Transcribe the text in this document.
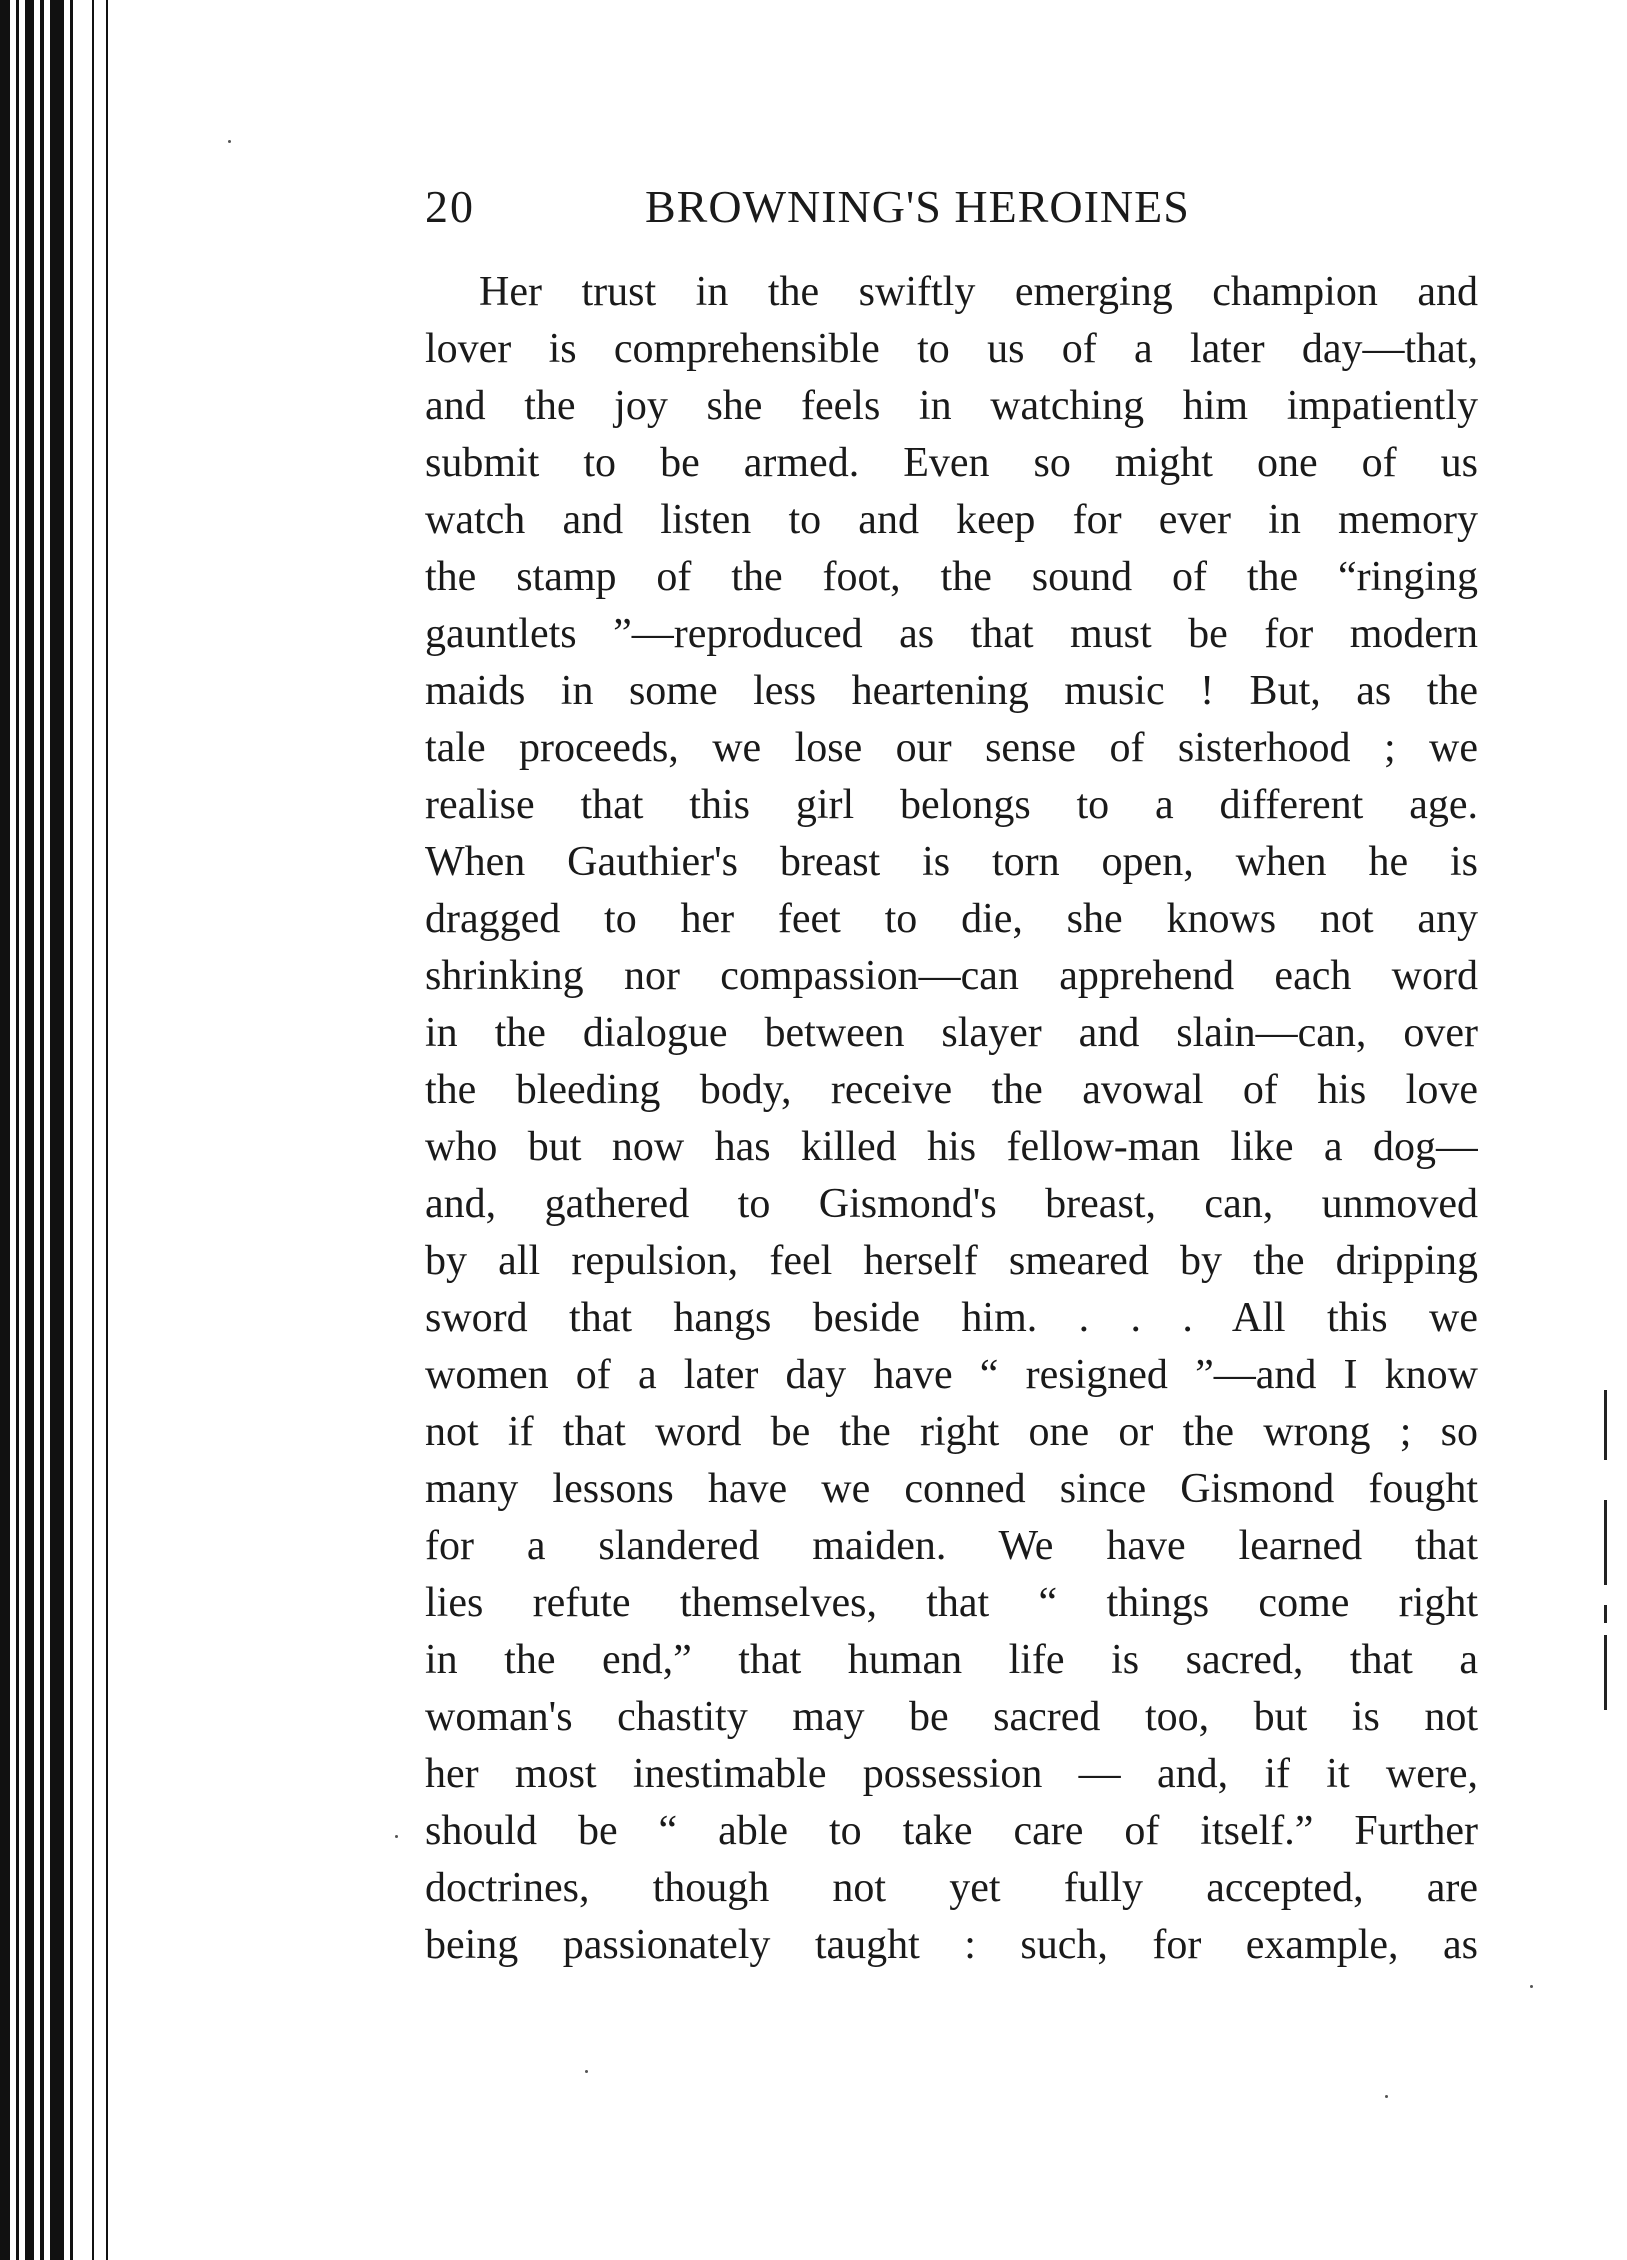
20	BROWNING'S HEROINES
Her trust in the swiftly emerging champion and
lover is comprehensible to us of a later day—that,
and the joy she feels in watching him impatiently
submit to be armed. Even so might one of us
watch and listen to and keep for ever in memory
the stamp of the foot, the sound of the “ringing
gauntlets ”—reproduced as that must be for modern
maids in some less heartening music ! But, as the
tale proceeds, we lose our sense of sisterhood ; we
realise that this girl belongs to a different age.
When Gauthier's breast is torn open, when he is
dragged to her feet to die, she knows not any
shrinking nor compassion—can apprehend each word
in the dialogue between slayer and slain—can, over
the bleeding body, receive the avowal of his love
who but now has killed his fellow-man like a dog—
and, gathered to Gismond's breast, can, unmoved
by all repulsion, feel herself smeared by the dripping
sword that hangs beside him. . . . All this we
women of a later day have “ resigned ”—and I know
not if that word be the right one or the wrong ; so
many lessons have we conned since Gismond fought
for a slandered maiden. We have learned that
lies refute themselves, that “ things come right
in the end,” that human life is sacred, that a
woman's chastity may be sacred too, but is not
her most inestimable possession — and, if it were,
should be “ able to take care of itself.” Further
doctrines, though not yet fully accepted, are
being passionately taught : such, for example, as
